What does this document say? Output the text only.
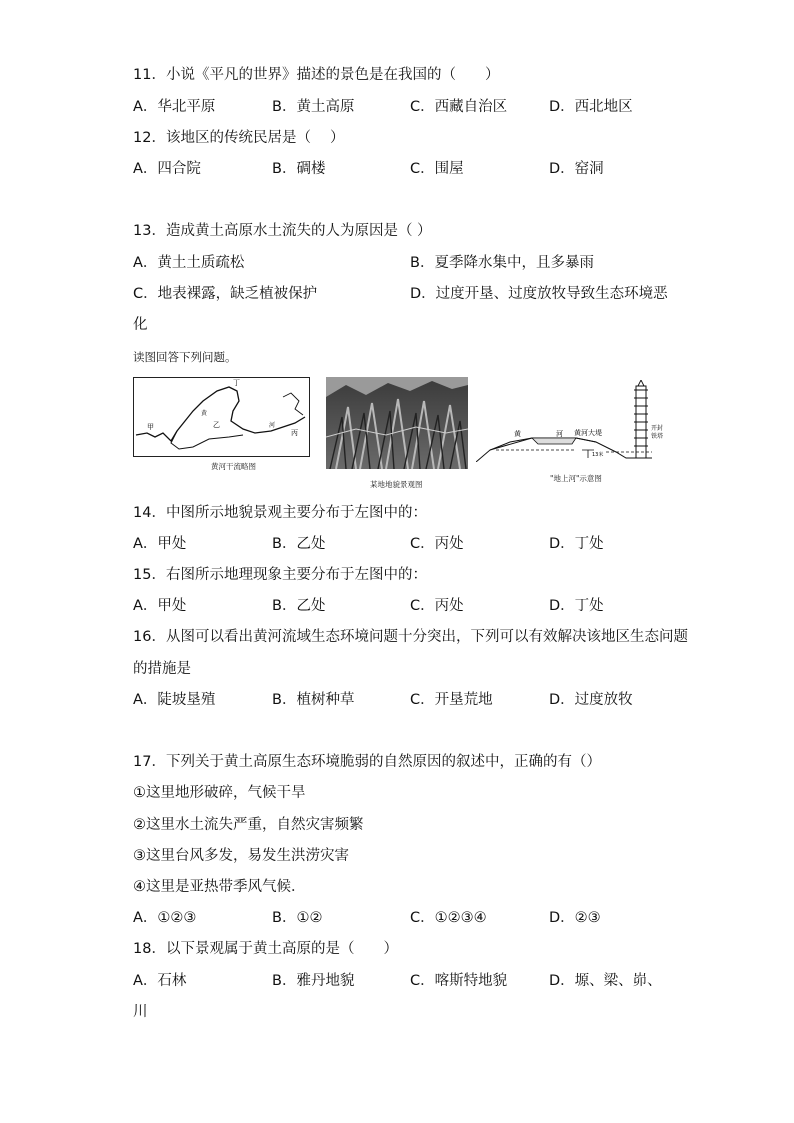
11．小说《平凡的世界》描述的景色是在我国的（　　）
A．华北平原	B．黄土高原	C．西藏自治区	D．西北地区
12．该地区的传统民居是（　 ）
A．四合院	B．碉楼	C．围屋	D．窑洞
13．造成黄土高原水土流失的人为原因是（ ）
A．黄土土质疏松	B．夏季降水集中，且多暴雨
C．地表裸露，缺乏植被保护	D．过度开垦、过度放牧导致生态环境恶
化
读图回答下列问题。
甲	乙
丙
丁
黄
河
黄河干流略图
某地地貌景观图
黄	河 黄河大堤
开封
铁塔
13米
"地上河"示意图
14．中图所示地貌景观主要分布于左图中的：
A．甲处	B．乙处	C．丙处	D．丁处
15．右图所示地理现象主要分布于左图中的：
A．甲处	B．乙处	C．丙处	D．丁处
16．从图可以看出黄河流域生态环境问题十分突出，下列可以有效解决该地区生态问题
的措施是
A．陡坡垦殖	B．植树种草	C．开垦荒地	D．过度放牧
17．下列关于黄土高原生态环境脆弱的自然原因的叙述中，正确的有（）
①这里地形破碎，气候干旱
②这里水土流失严重，自然灾害频繁
③这里台风多发，易发生洪涝灾害
④这里是亚热带季风气候．
A．①②③	B．①②	C．①②③④	D．②③
18．以下景观属于黄土高原的是（　　）
A．石林	B．雅丹地貌	C．喀斯特地貌	D．塬、梁、峁、
川
